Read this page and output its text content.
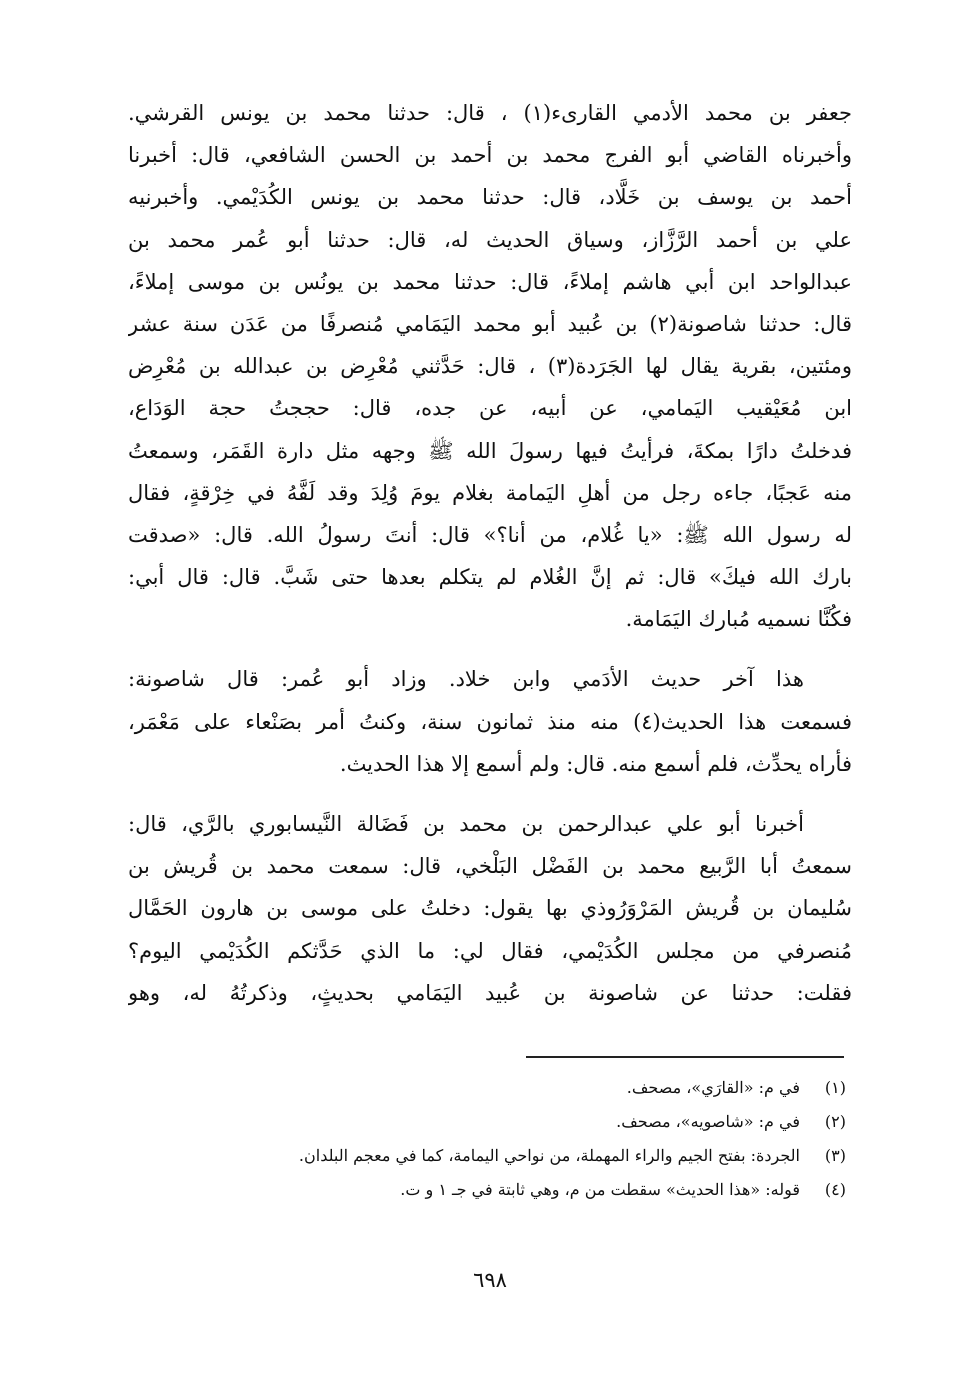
جعفر بن محمد الأدمي القارىء(١) ، قال: حدثنا محمد بن يونس القرشي.
وأخبرناه القاضي أبو الفرج محمد بن أحمد بن الحسن الشافعي، قال: أخبرنا
أحمد بن يوسف بن خَلَّاد، قال: حدثنا محمد بن يونس الكُدَيْمي. وأخبرنيه
علي بن أحمد الرَّزَّاز، وسياق الحديث له، قال: حدثنا أبو عُمر محمد بن
عبدالواحد ابن أبي هاشم إملاءً، قال: حدثنا محمد بن يونُس بن موسى إملاءً،
قال: حدثنا شاصونة(٢) بن عُبيد أبو محمد اليَمَامي مُنصرفًا من عَدَن سنة عشر
ومئتين، بقرية يقال لها الجَرَدة(٣) ، قال: حَدَّثني مُعْرِض بن عبدالله بن مُعْرِض
ابن مُعَيْقيب اليَمامي، عن أبيه، عن جده، قال: حججتُ حجة الوَدَاع،
فدخلتُ دارًا بمكةَ، فرأيتُ فيها رسولَ الله ﷺ وجهه مثل دارة القَمَر، وسمعتُ
منه عَجبًا، جاءه رجل من أهلِ اليَمامة بغلام يومَ وُلِدَ وقد لَفَّهُ في خِرْقةٍ، فقال
له رسول الله ﷺ: «يا غُلام، من أنا؟» قال: أنتَ رسولُ الله. قال: «صدقت
بارك الله فيكَ» قال: ثم إنَّ الغُلام لم يتكلم بعدها حتى شَبَّ. قال: قال أبي:
فكُنَّا نسميه مُبارك اليَمَامة.
هذا آخر حديث الأدَمي وابن خلاد. وزاد أبو عُمر: قال شاصونة:
فسمعت هذا الحديث(٤) منه منذ ثمانون سنة، وكنتُ أمر بصَنْعاء على مَعْمَر،
فأراه يحدِّث، فلم أسمع منه. قال: ولم أسمع إلا هذا الحديث.
أخبرنا أبو علي عبدالرحمن بن محمد بن فَضَالة النَّيسابوري بالرَّي، قال:
سمعتُ أبا الرَّبيع محمد بن الفَضْل البَلْخي، قال: سمعت محمد بن قُريش بن
سُليمان بن قُريش المَرْوَرُوذي بها يقول: دخلتُ على موسى بن هارون الحَمَّال
مُنصرفي من مجلس الكُدَيْمي، فقال لي: ما الذي حَدَّثكم الكُدَيْمي اليوم؟
فقلت: حدثنا عن شاصونة بن عُبيد اليَمَامي بحديثٍ، وذكرتُهُ له، وهو
(١)
في م: «القارَي»، مصحف.
(٢)
في م: «شاصويه»، مصحف.
(٣)
الجردة: بفتح الجيم والراء المهملة، من نواحي اليمامة، كما في معجم البلدان.
(٤)
قوله: «هذا الحديث» سقطت من م، وهي ثابتة في جـ ١ و ت.
٦٩٨
